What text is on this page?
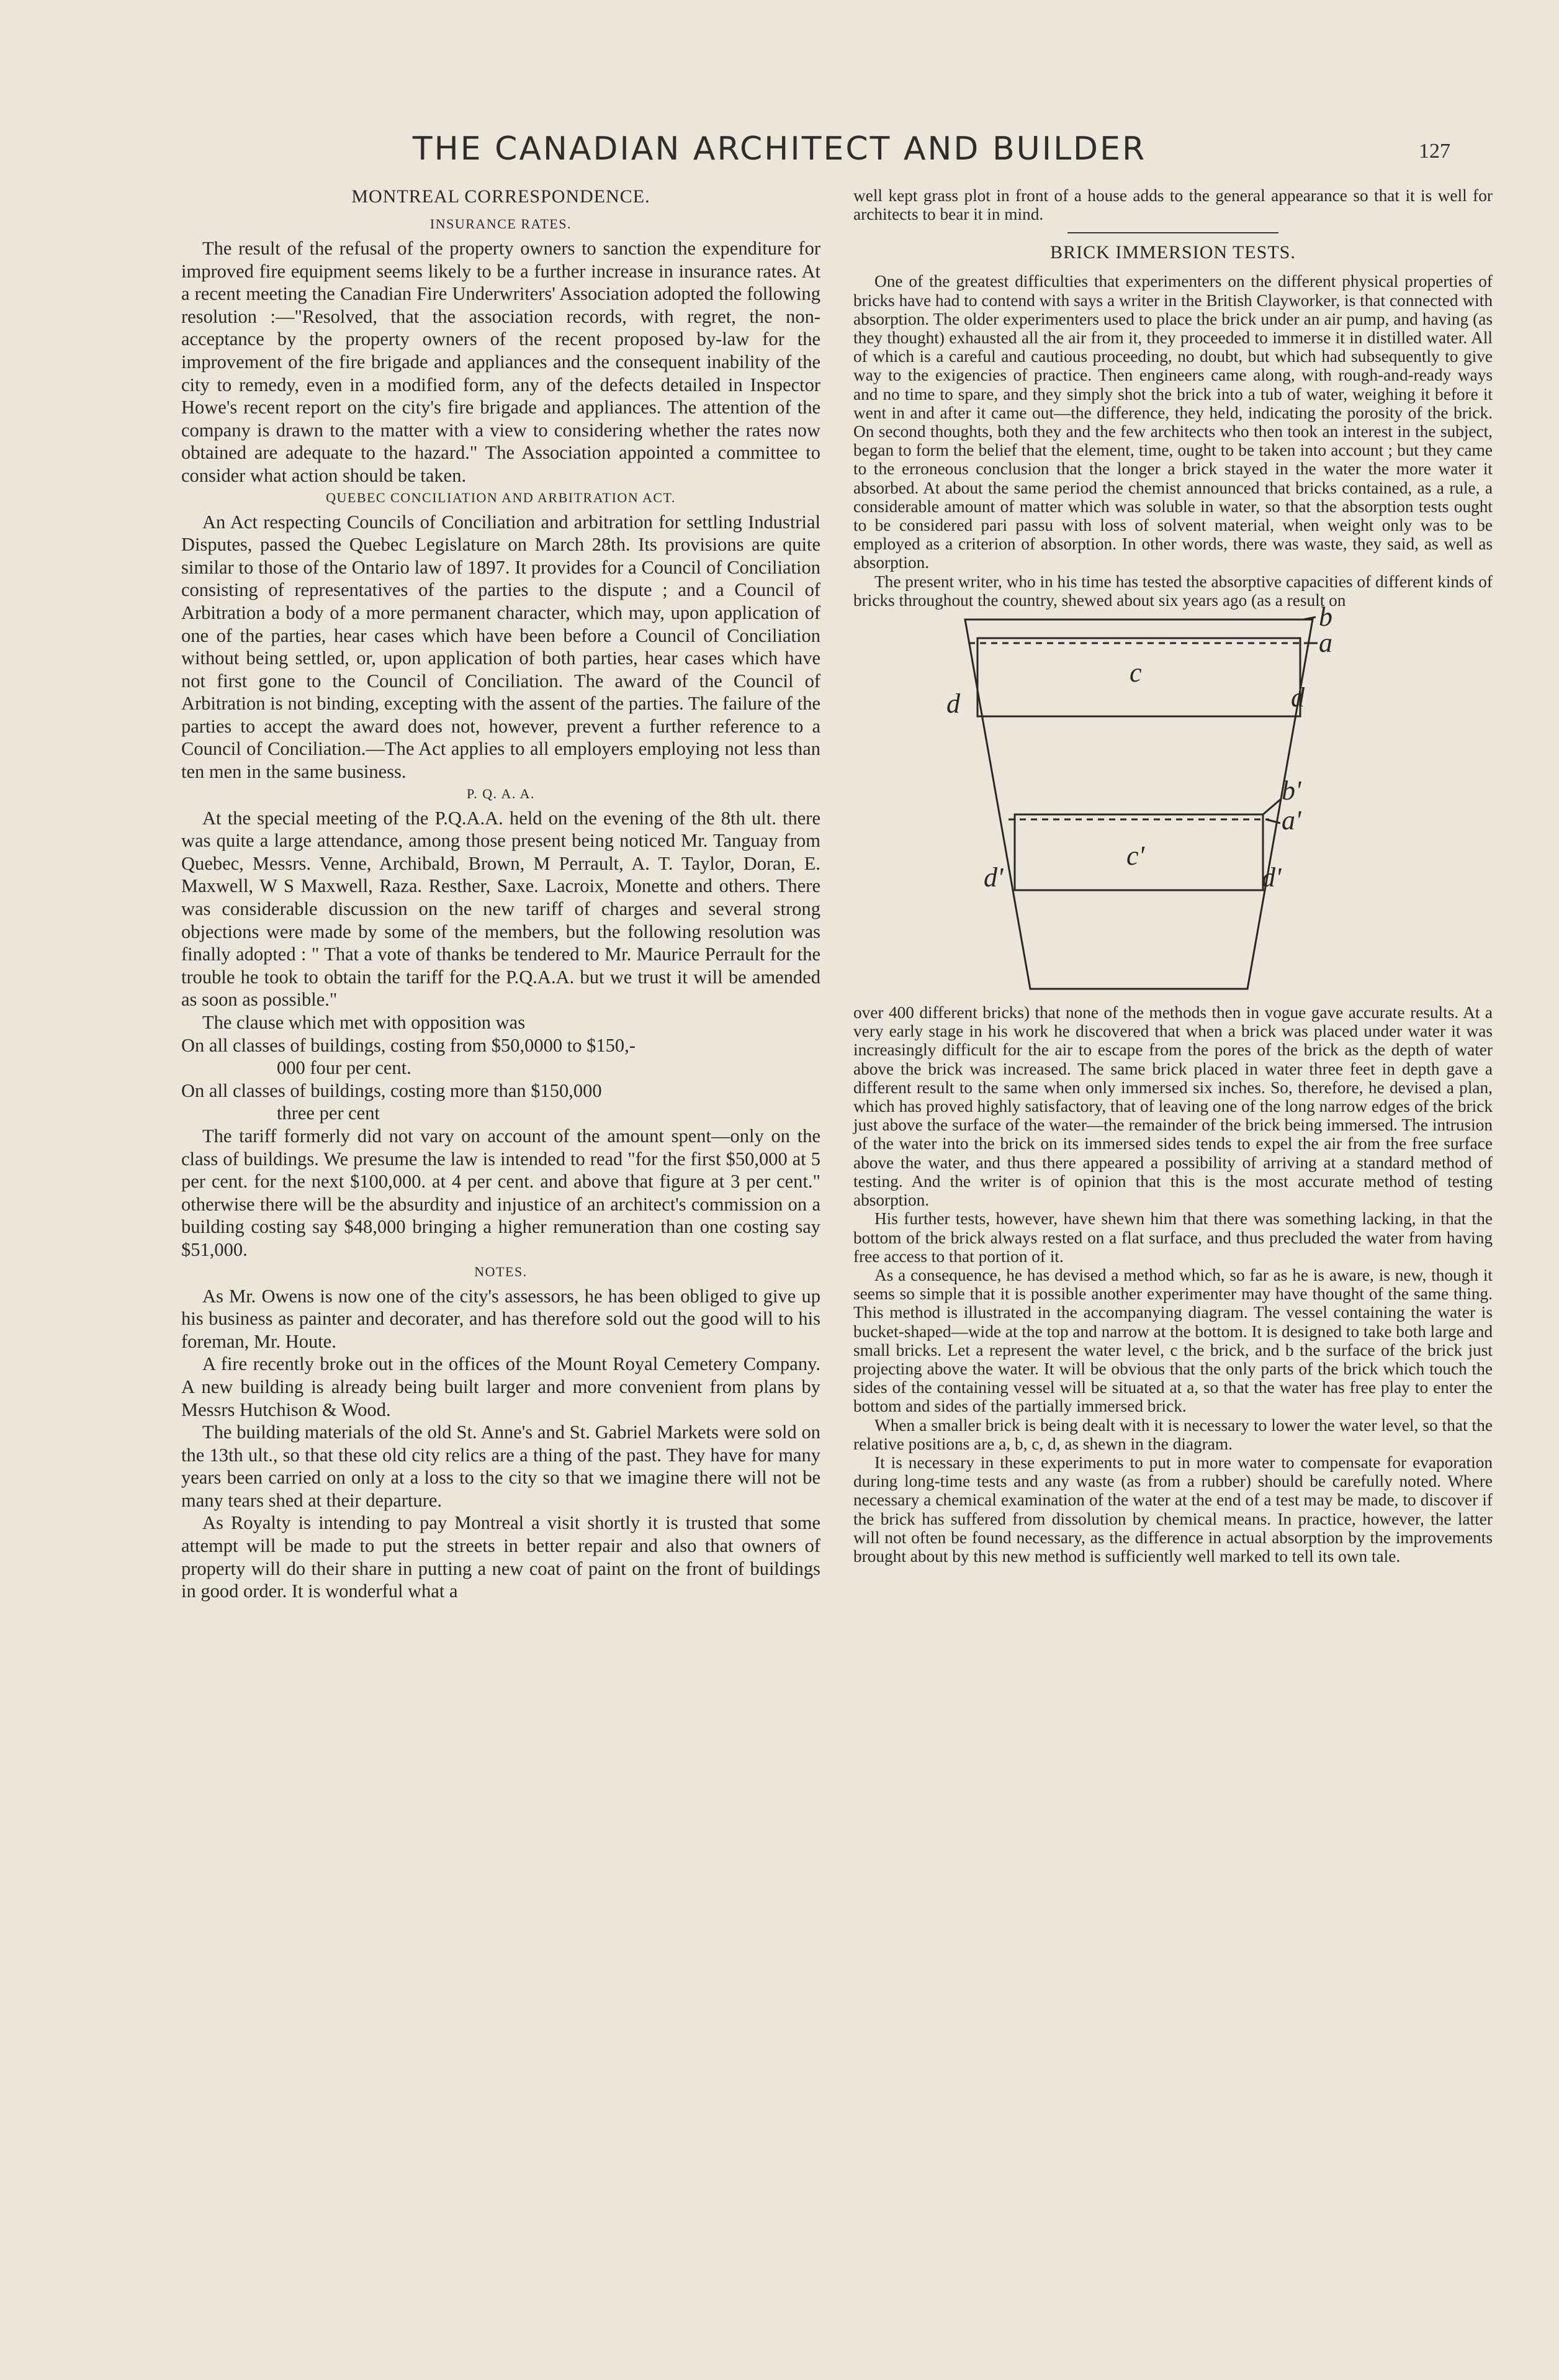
THE CANADIAN ARCHITECT AND BUILDER	127
MONTREAL CORRESPONDENCE.
INSURANCE RATES.

The result of the refusal of the property owners to sanction the expenditure for improved fire equipment seems likely to be a further increase in insurance rates. At a recent meeting the Canadian Fire Underwriters' Association adopted the following resolution :—"Resolved, that the association records, with regret, the non-acceptance by the property owners of the recent proposed by-law for the improvement of the fire brigade and appliances and the consequent inability of the city to remedy, even in a modified form, any of the defects detailed in Inspector Howe's recent report on the city's fire brigade and appliances. The attention of the company is drawn to the matter with a view to considering whether the rates now obtained are adequate to the hazard." The Association appointed a committee to consider what action should be taken.

QUEBEC CONCILIATION AND ARBITRATION ACT.

An Act respecting Councils of Conciliation and arbitration for settling Industrial Disputes, passed the Quebec Legislature on March 28th. Its provisions are quite similar to those of the Ontario law of 1897. It provides for a Council of Conciliation consisting of representatives of the parties to the dispute ; and a Council of Arbitration a body of a more permanent character, which may, upon application of one of the parties, hear cases which have been before a Council of Conciliation without being settled, or, upon application of both parties, hear cases which have not first gone to the Council of Conciliation. The award of the Council of Arbitration is not binding, excepting with the assent of the parties. The failure of the parties to accept the award does not, however, prevent a further reference to a Council of Conciliation.—The Act applies to all employers employing not less than ten men in the same business.

P. Q. A. A.

At the special meeting of the P.Q.A.A. held on the evening of the 8th ult. there was quite a large attendance, among those present being noticed Mr. Tanguay from Quebec, Messrs. Venne, Archibald, Brown, M Perrault, A. T. Taylor, Doran, E. Maxwell, W S Maxwell, Raza. Resther, Saxe. Lacroix, Monette and others. There was considerable discussion on the new tariff of charges and several strong objections were made by some of the members, but the following resolution was finally adopted : " That a vote of thanks be tendered to Mr. Maurice Perrault for the trouble he took to obtain the tariff for the P.Q.A.A. but we trust it will be amended as soon as possible."

The clause which met with opposition was

On all classes of buildings, costing from $50,0000 to $150,-
000 four per cent.

On all classes of buildings, costing more than $150,000
three per cent

The tariff formerly did not vary on account of the amount spent—only on the class of buildings. We presume the law is intended to read "for the first $50,000 at 5 per cent. for the next $100,000. at 4 per cent. and above that figure at 3 per cent." otherwise there will be the absurdity and injustice of an architect's commission on a building costing say $48,000 bringing a higher remuneration than one costing say $51,000.

NOTES.

As Mr. Owens is now one of the city's assessors, he has been obliged to give up his business as painter and decorater, and has therefore sold out the good will to his foreman, Mr. Houte.

A fire recently broke out in the offices of the Mount Royal Cemetery Company. A new building is already being built larger and more convenient from plans by Messrs Hutchison & Wood.

The building materials of the old St. Anne's and St. Gabriel Markets were sold on the 13th ult., so that these old city relics are a thing of the past. They have for many years been carried on only at a loss to the city so that we imagine there will not be many tears shed at their departure.

As Royalty is intending to pay Montreal a visit shortly it is trusted that some attempt will be made to put the streets in better repair and also that owners of property will do their share in putting a new coat of paint on the front of buildings in good order. It is wonderful what a

well kept grass plot in front of a house adds to the general appearance so that it is well for architects to bear it in mind.

BRICK IMMERSION TESTS.

One of the greatest difficulties that experimenters on the different physical properties of bricks have had to contend with says a writer in the British Clayworker, is that connected with absorption. The older experimenters used to place the brick under an air pump, and having (as they thought) exhausted all the air from it, they proceeded to immerse it in distilled water. All of which is a careful and cautious proceeding, no doubt, but which had subsequently to give way to the exigencies of practice. Then engineers came along, with rough-and-ready ways and no time to spare, and they simply shot the brick into a tub of water, weighing it before it went in and after it came out—the difference, they held, indicating the porosity of the brick. On second thoughts, both they and the few architects who then took an interest in the subject, began to form the belief that the element, time, ought to be taken into account ; but they came to the erroneous conclusion that the longer a brick stayed in the water the more water it absorbed. At about the same period the chemist announced that bricks contained, as a rule, a considerable amount of matter which was soluble in water, so that the absorption tests ought to be considered pari passu with loss of solvent material, when weight only was to be employed as a criterion of absorption. In other words, there was waste, they said, as well as absorption.

The present writer, who in his time has tested the absorptive capacities of different kinds of bricks throughout the country, shewed about six years ago (as a result on

b
a
c
d	d
b'
a'
c'
d'	d'

over 400 different bricks) that none of the methods then in vogue gave accurate results. At a very early stage in his work he discovered that when a brick was placed under water it was increasingly difficult for the air to escape from the pores of the brick as the depth of water above the brick was increased. The same brick placed in water three feet in depth gave a different result to the same when only immersed six inches. So, therefore, he devised a plan, which has proved highly satisfactory, that of leaving one of the long narrow edges of the brick just above the surface of the water—the remainder of the brick being immersed. The intrusion of the water into the brick on its immersed sides tends to expel the air from the free surface above the water, and thus there appeared a possibility of arriving at a standard method of testing. And the writer is of opinion that this is the most accurate method of testing absorption.

His further tests, however, have shewn him that there was something lacking, in that the bottom of the brick always rested on a flat surface, and thus precluded the water from having free access to that portion of it.

As a consequence, he has devised a method which, so far as he is aware, is new, though it seems so simple that it is possible another experimenter may have thought of the same thing. This method is illustrated in the accompanying diagram. The vessel containing the water is bucket-shaped—wide at the top and narrow at the bottom. It is designed to take both large and small bricks. Let a represent the water level, c the brick, and b the surface of the brick just projecting above the water. It will be obvious that the only parts of the brick which touch the sides of the containing vessel will be situated at a, so that the water has free play to enter the bottom and sides of the partially immersed brick.

When a smaller brick is being dealt with it is necessary to lower the water level, so that the relative positions are a, b, c, d, as shewn in the diagram.

It is necessary in these experiments to put in more water to compensate for evaporation during long-time tests and any waste (as from a rubber) should be carefully noted. Where necessary a chemical examination of the water at the end of a test may be made, to discover if the brick has suffered from dissolution by chemical means. In practice, however, the latter will not often be found necessary, as the difference in actual absorption by the improvements brought about by this new method is sufficiently well marked to tell its own tale.
